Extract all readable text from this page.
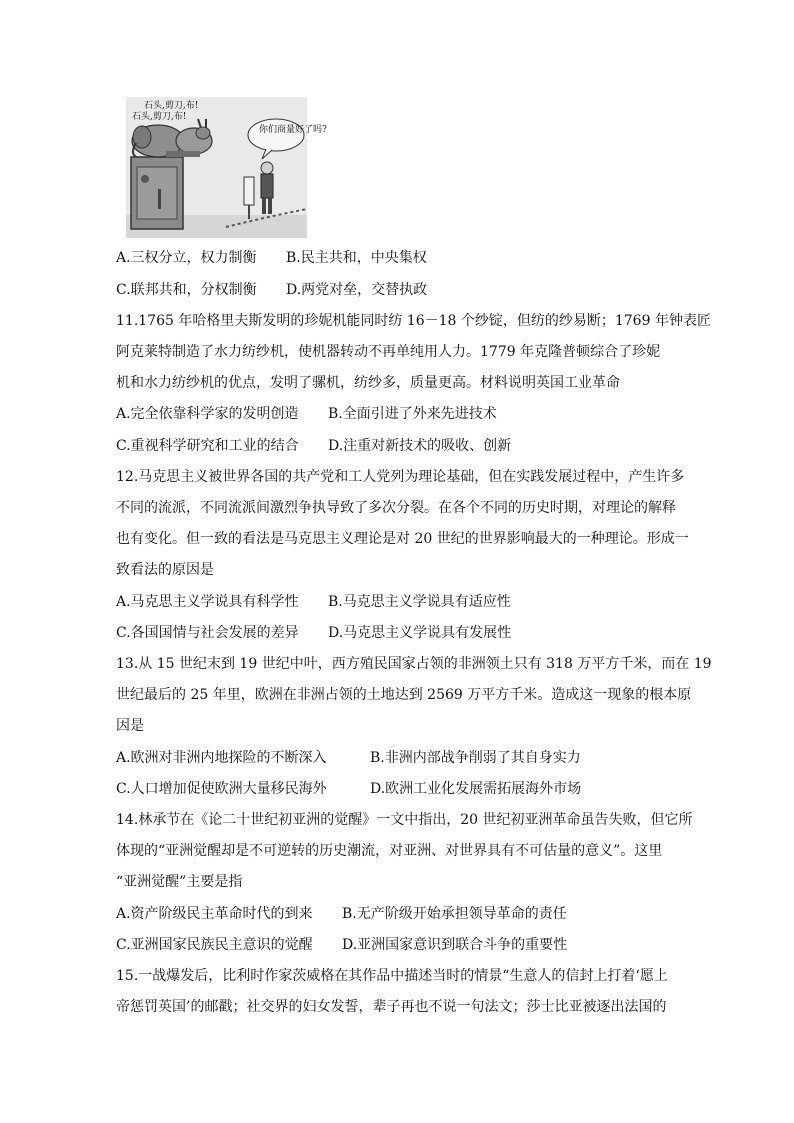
石头,剪刀,布!
石头,剪刀,布!
你们商量好了吗?
A.三权分立，权力制衡 B.民主共和，中央集权
C.联邦共和，分权制衡 D.两党对垒，交替执政
11.1765 年哈格里夫斯发明的珍妮机能同时纺 16－18 个纱锭，但纺的纱易断；1769 年钟表匠
阿克莱特制造了水力纺纱机，使机器转动不再单纯用人力。1779 年克隆普顿综合了珍妮
机和水力纺纱机的优点，发明了骡机，纺纱多，质量更高。材料说明英国工业革命
A.完全依靠科学家的发明创造 B.全面引进了外来先进技术
C.重视科学研究和工业的结合 D.注重对新技术的吸收、创新
12.马克思主义被世界各国的共产党和工人党列为理论基础，但在实践发展过程中，产生许多
不同的流派，不同流派间激烈争执导致了多次分裂。在各个不同的历史时期，对理论的解释
也有变化。但一致的看法是马克思主义理论是对 20 世纪的世界影响最大的一种理论。形成一
致看法的原因是
A.马克思主义学说具有科学性 B.马克思主义学说具有适应性
C.各国国情与社会发展的差异 D.马克思主义学说具有发展性
13.从 15 世纪末到 19 世纪中叶，西方殖民国家占领的非洲领土只有 318 万平方千米，而在 19
世纪最后的 25 年里，欧洲在非洲占领的土地达到 2569 万平方千米。造成这一现象的根本原
因是
A.欧洲对非洲内地探险的不断深入	B.非洲内部战争削弱了其自身实力
C.人口增加促使欧洲大量移民海外	D.欧洲工业化发展需拓展海外市场
14.林承节在《论二十世纪初亚洲的觉醒》一文中指出，20 世纪初亚洲革命虽告失败，但它所
体现的“亚洲觉醒却是不可逆转的历史潮流，对亚洲、对世界具有不可估量的意义”。这里
“亚洲觉醒”主要是指
A.资产阶级民主革命时代的到来 B.无产阶级开始承担领导革命的责任
C.亚洲国家民族民主意识的觉醒 D.亚洲国家意识到联合斗争的重要性
15.一战爆发后，比利时作家茨威格在其作品中描述当时的情景“生意人的信封上打着‘愿上
帝惩罚英国’的邮戳；社交界的妇女发誓，辈子再也不说一句法文；莎士比亚被逐出法国的
